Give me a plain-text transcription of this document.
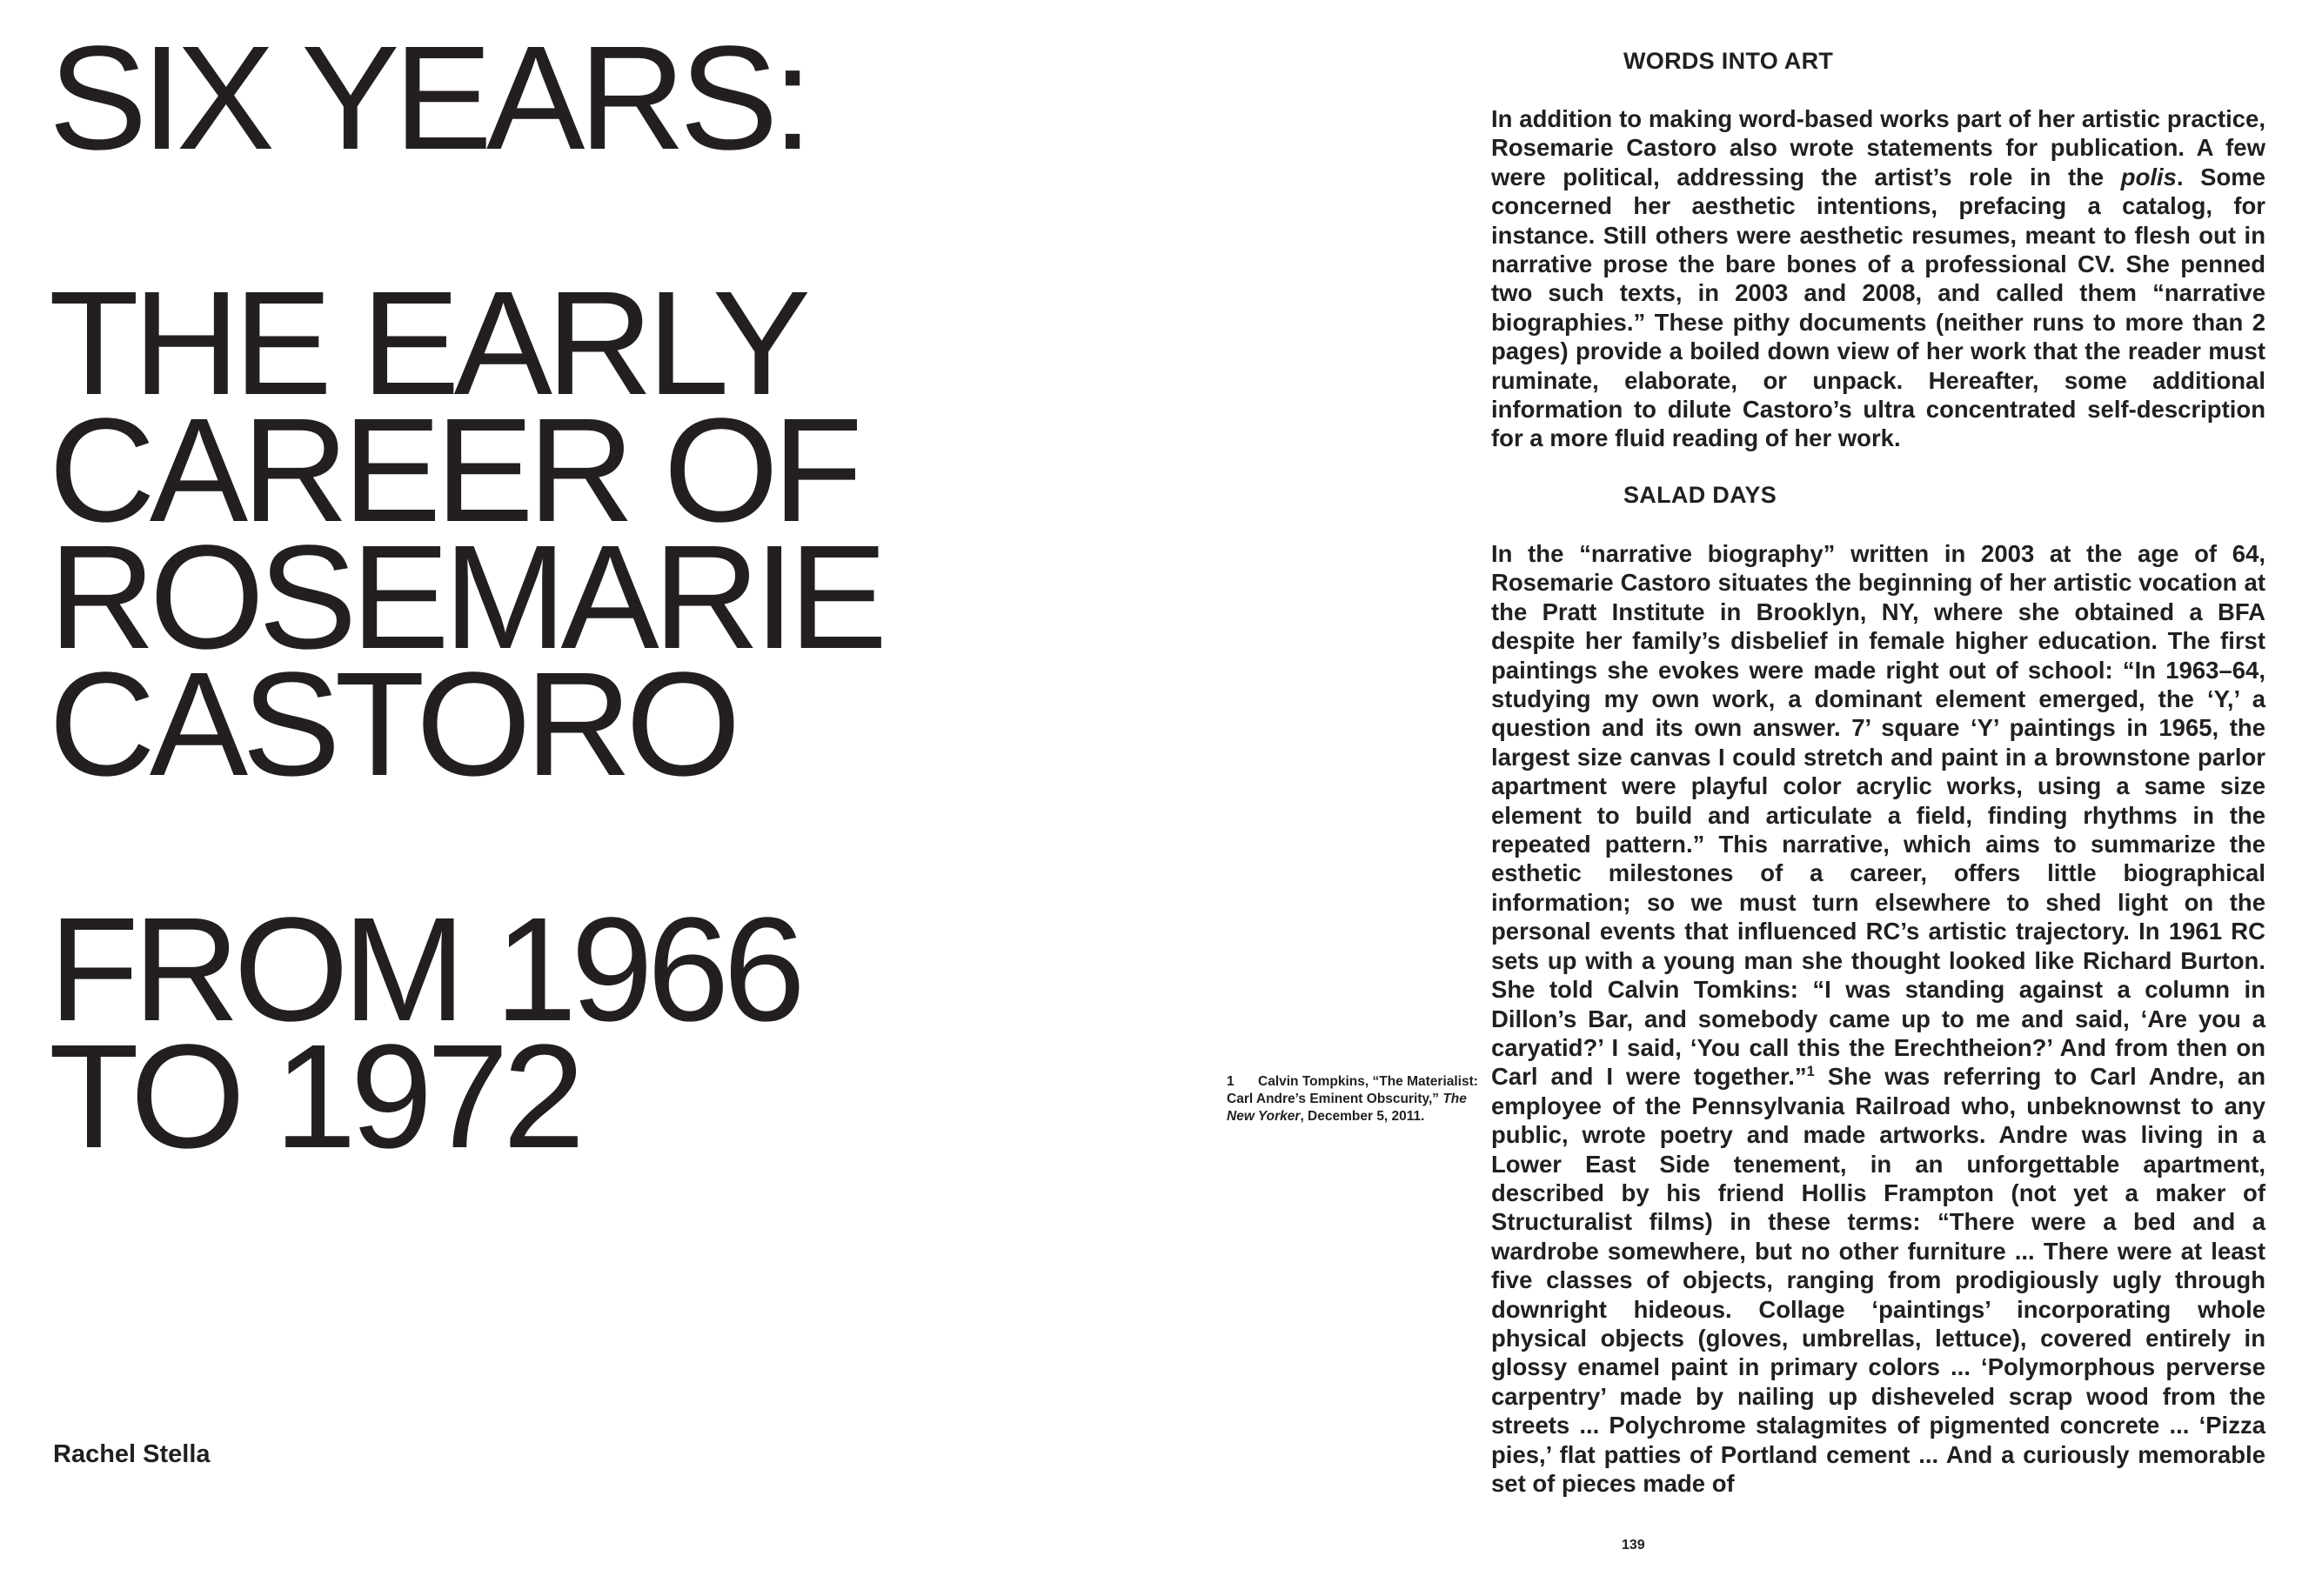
SIX YEARS:
THE EARLY
CAREER OF
ROSEMARIE
CASTORO
FROM 1966
TO 1972

Rachel Stella

WORDS INTO ART

In addition to making word-based works part of her artistic practice, Rosemarie Castoro also wrote statements for publication. A few were political, addressing the artist’s role in the polis. Some concerned her aesthetic intentions, prefacing a catalog, for instance. Still others were aesthetic resumes, meant to flesh out in narrative prose the bare bones of a professional CV. She penned two such texts, in 2003 and 2008, and called them “narrative biographies.” These pithy documents (neither runs to more than 2 pages) provide a boiled down view of her work that the reader must ruminate, elaborate, or unpack. Hereafter, some additional information to dilute Castoro’s ultra concentrated self-description for a more fluid reading of her work.

SALAD DAYS

In the “narrative biography” written in 2003 at the age of 64, Rosemarie Castoro situates the beginning of her artistic vocation at the Pratt Institute in Brooklyn, NY, where she obtained a BFA despite her family’s disbelief in female higher education. The first paintings she evokes were made right out of school: “In 1963–64, studying my own work, a dominant element emerged, the ‘Y,’ a question and its own answer. 7’ square ‘Y’ paintings in 1965, the largest size canvas I could stretch and paint in a brownstone parlor apartment were playful color acrylic works, using a same size element to build and articulate a field, finding rhythms in the repeated pattern.” This narrative, which aims to summarize the esthetic milestones of a career, offers little biographical information; so we must turn elsewhere to shed light on the personal events that influenced RC’s artistic trajectory. In 1961 RC sets up with a young man she thought looked like Richard Burton. She told Calvin Tomkins: “I was standing against a column in Dillon’s Bar, and somebody came up to me and said, ‘Are you a caryatid?’ I said, ‘You call this the Erechtheion?’ And from then on Carl and I were together.”$^1$ She was referring to Carl Andre, an employee of the Pennsylvania Railroad who, unbeknownst to any public, wrote poetry and made artworks. Andre was living in a Lower East Side tenement, in an unforgettable apartment, described by his friend Hollis Frampton (not yet a maker of Structuralist films) in these terms: “There were a bed and a wardrobe somewhere, but no other furniture ... There were at least five classes of objects, ranging from prodigiously ugly through downright hideous. Collage ‘paintings’ incorporating whole physical objects (gloves, umbrellas, lettuce), covered entirely in glossy enamel paint in primary colors ... ‘Polymorphous perverse carpentry’ made by nailing up disheveled scrap wood from the streets ... Polychrome stalagmites of pigmented concrete ... ‘Pizza pies,’ flat patties of Portland cement ... And a curiously memorable set of pieces made of

1 Calvin Tompkins, “The Materialist: Carl Andre’s Eminent Obscurity,” The New Yorker, December 5, 2011.

139
